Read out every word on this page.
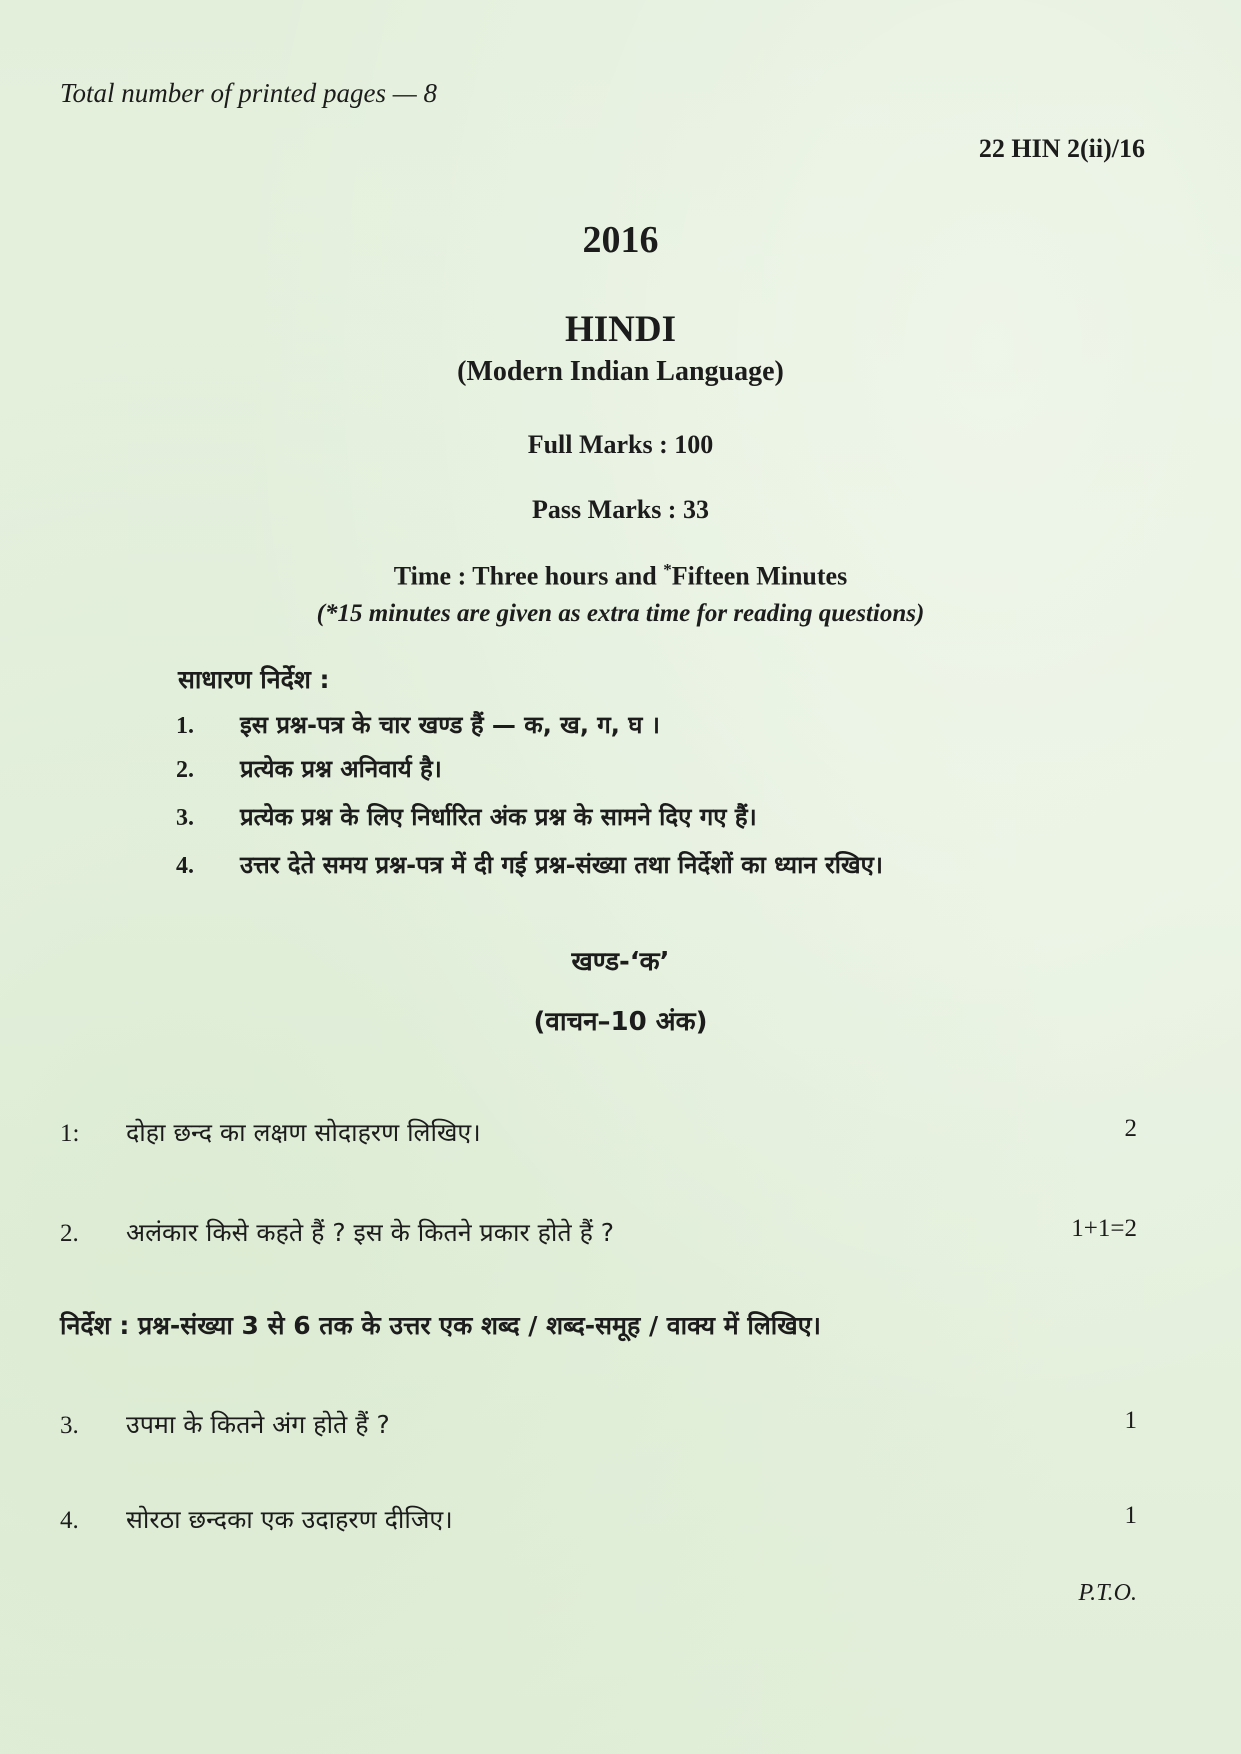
Total number of printed pages — 8
22 HIN 2(ii)/16
2016
HINDI
(Modern Indian Language)
Full Marks : 100
Pass Marks : 33
Time : Three hours and *Fifteen Minutes
(*15 minutes are given as extra time for reading questions)
साधारण निर्देश :
1. इस प्रश्न-पत्र के चार खण्ड हैं — क, ख, ग, घ ।
2. प्रत्येक प्रश्न अनिवार्य है।
3. प्रत्येक प्रश्न के लिए निर्धारित अंक प्रश्न के सामने दिए गए हैं।
4. उत्तर देते समय प्रश्न-पत्र में दी गई प्रश्न-संख्या तथा निर्देशों का ध्यान रखिए।
खण्ड-‘क’
(वाचन–10 अंक)
1: दोहा छन्द का लक्षण सोदाहरण लिखिए।	2
2. अलंकार किसे कहते हैं ? इस के कितने प्रकार होते हैं ?	1+1=2
निर्देश : प्रश्न-संख्या 3 से 6 तक के उत्तर एक शब्द / शब्द-समूह / वाक्य में लिखिए।
3. उपमा के कितने अंग होते हैं ?	1
4. सोरठा छन्दका एक उदाहरण दीजिए।	1
P.T.O.
